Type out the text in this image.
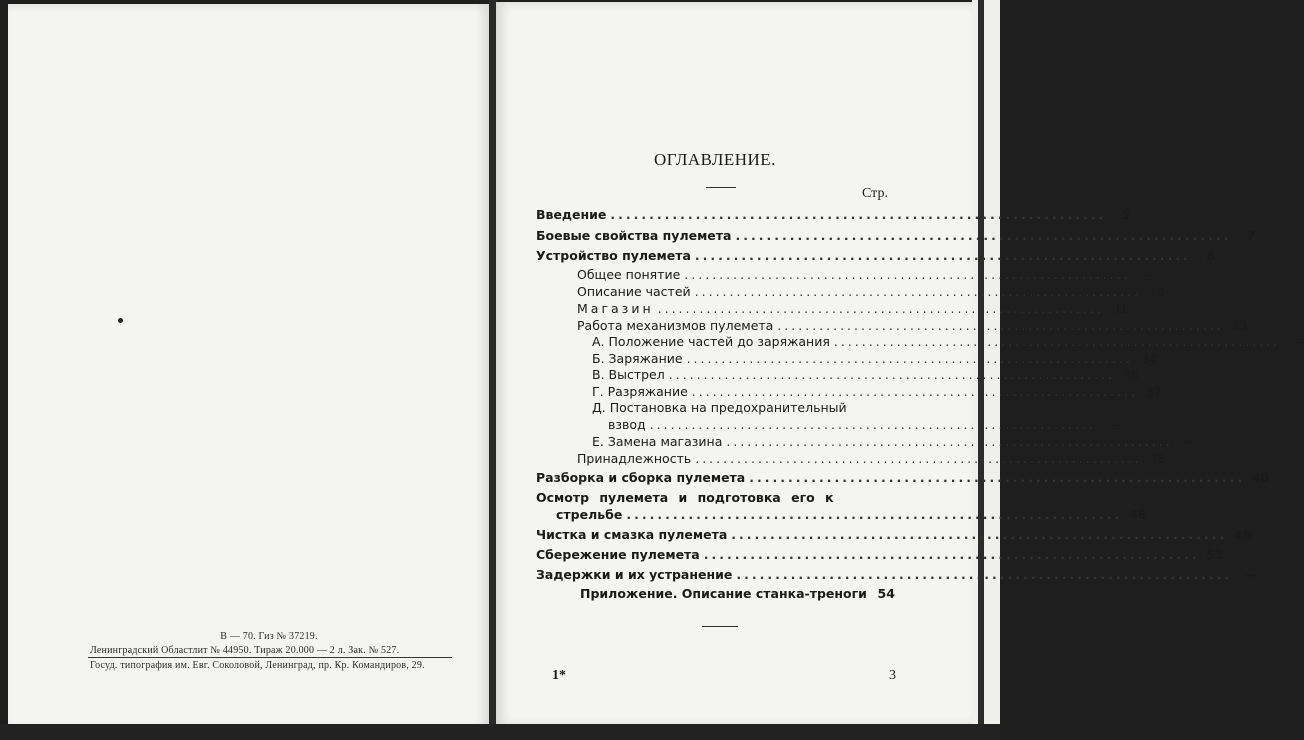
В — 70. Гиз № 37219.
Ленинградский Областлит № 44950. Тираж 20.000 — 2 л. Зак. № 527.
Госуд. типография им. Евг. Соколовой, Ленинград, пр. Кр. Командиров, 29.
ОГЛАВЛЕНИЕ.
Стр.
Введение ................................................................	5
Боевые свойства пулемета ................................................................	7
Устройство пулемета ................................................................	8
Общее понятие ................................................................ —
Описание частей ................................................................ 10
Магазин ................................................................ 31
Работа механизмов пулемета ................................................................ 33
А. Положение частей до заряжания ................................................................ —
Б. Заряжание ................................................................ 34
В. Выстрел ................................................................ 36
Г. Разряжание ................................................................ 37
Д. Постановка на предохранительный
взвод ................................................................ —
Е. Замена магазина ................................................................ —
Принадлежность ................................................................ 38
Разборка и сборка пулемета ................................................................ 40
Осмотр пулемета и подготовка его к
стрельбе ................................................................ 46
Чистка и смазка пулемета ................................................................ 49
Сбережение пулемета ................................................................ 51
Задержки и их устранение ................................................................ —
Приложение. Описание станка-треноги 54
1*	3
